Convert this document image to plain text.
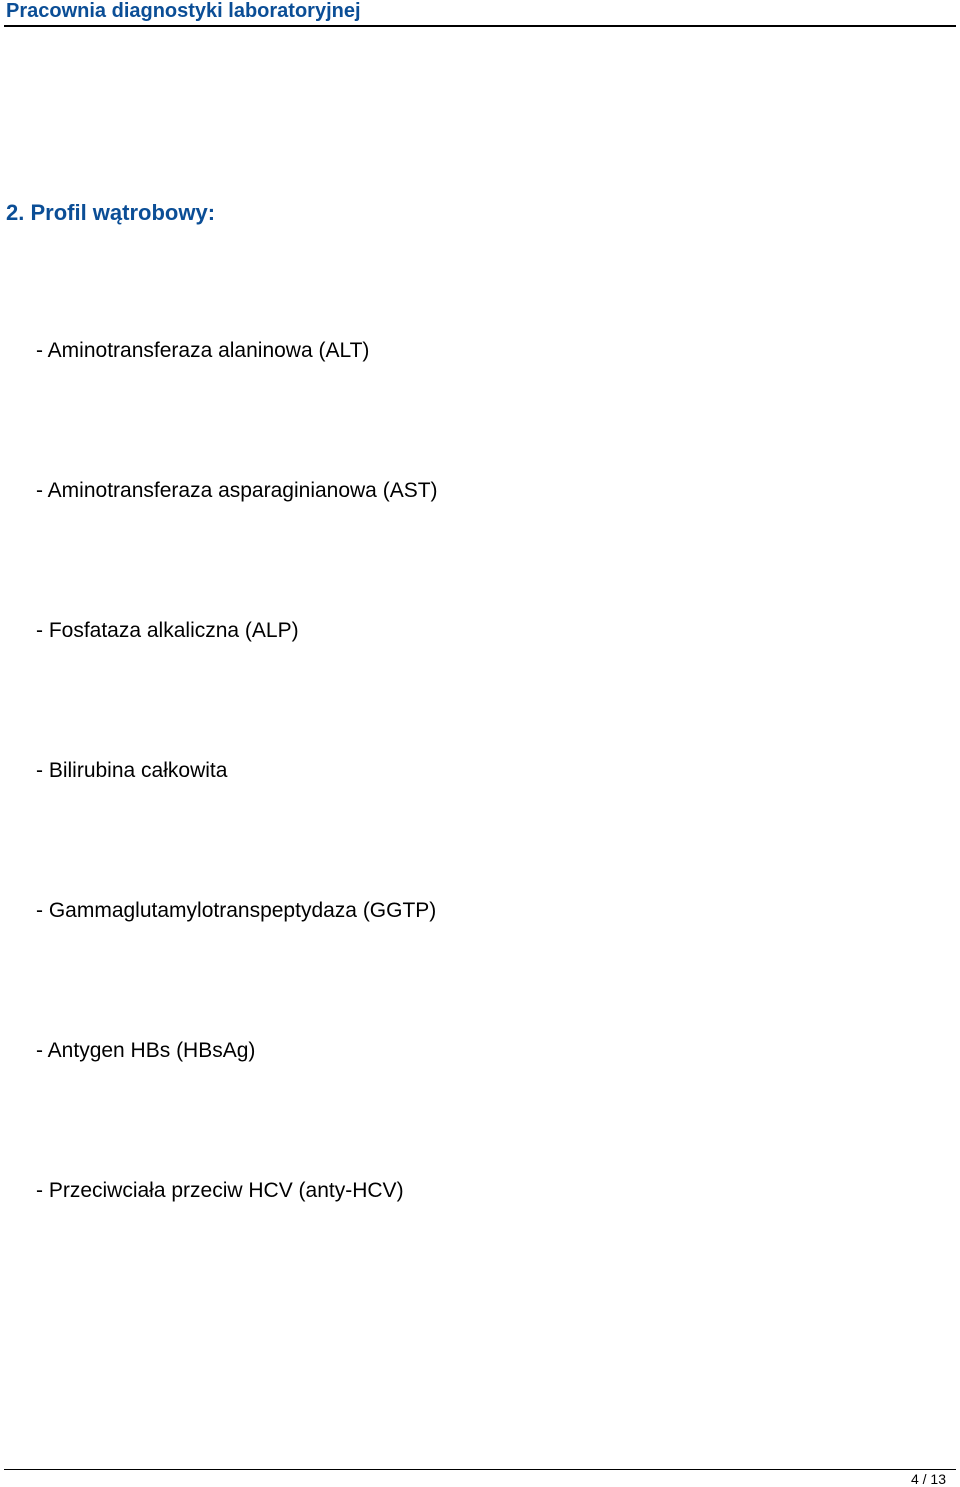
Pracownia diagnostyki laboratoryjnej
2. Profil wątrobowy:
- Aminotransferaza alaninowa (ALT)
- Aminotransferaza asparaginianowa (AST)
- Fosfataza alkaliczna (ALP)
- Bilirubina całkowita
- Gammaglutamylotranspeptydaza (GGTP)
- Antygen HBs (HBsAg)
- Przeciwciała przeciw HCV (anty-HCV)
4 / 13
